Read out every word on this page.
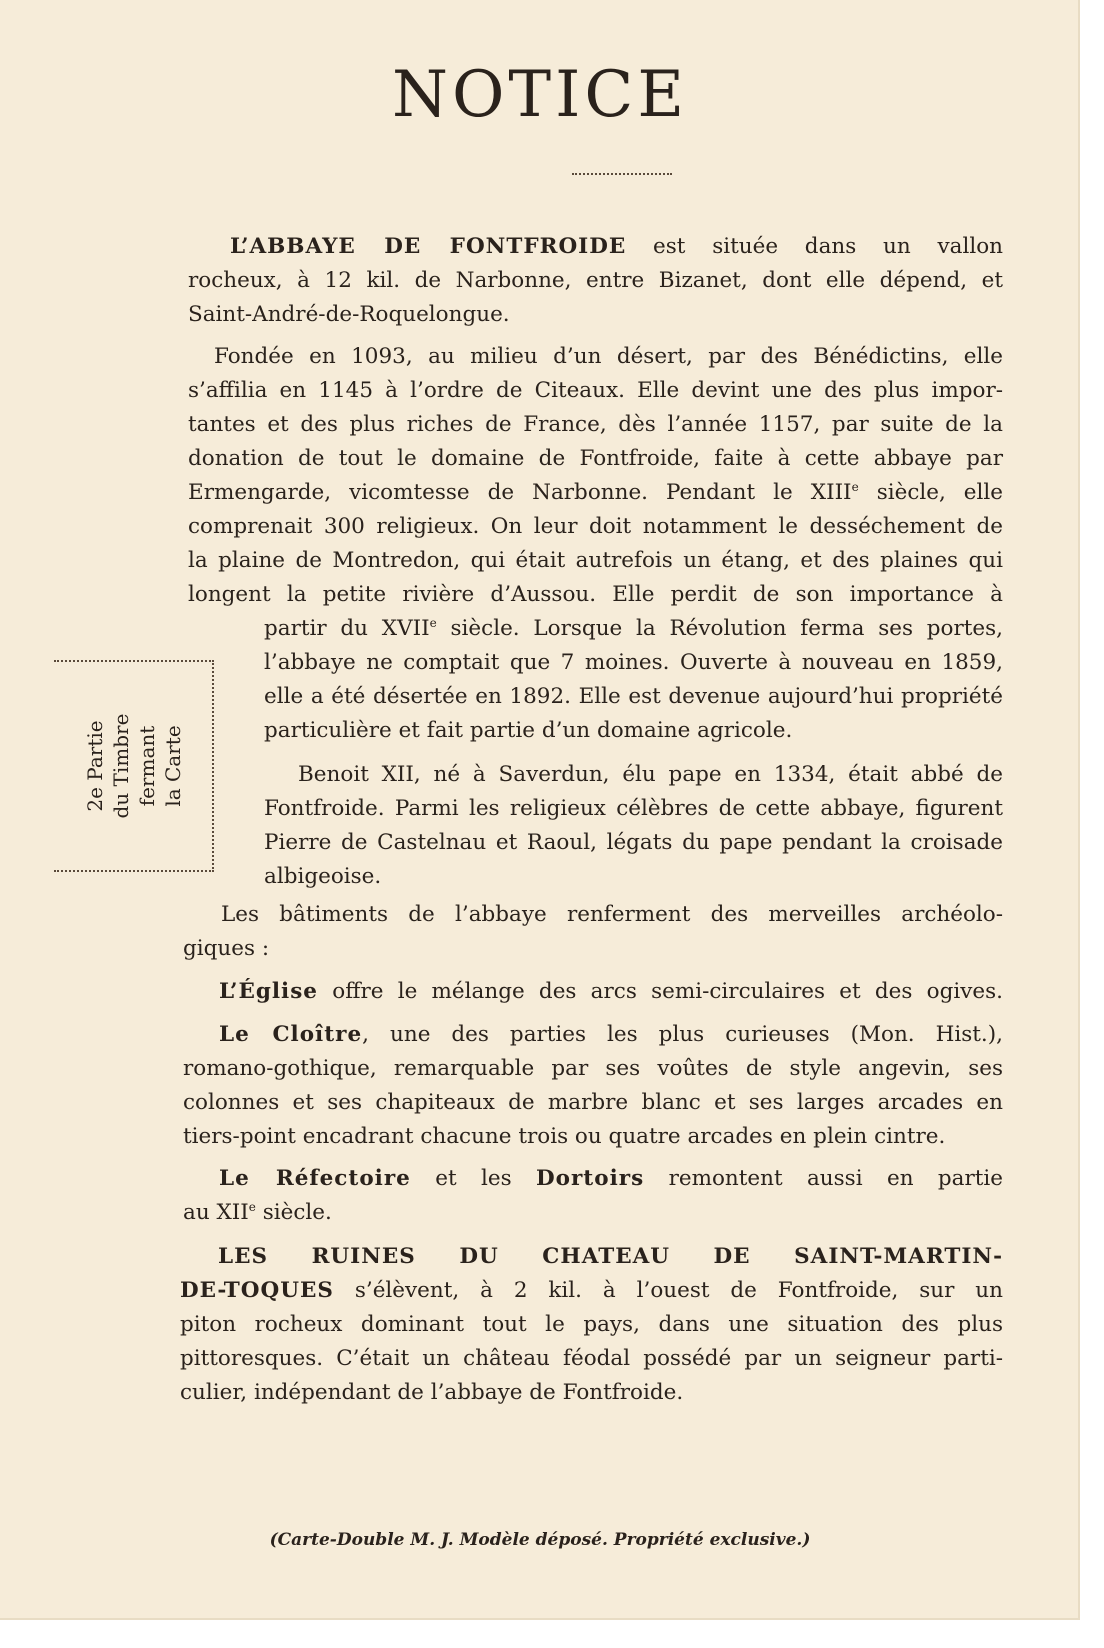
NOTICE
L’ABBAYE DE FONTFROIDE est située dans un vallon
rocheux, à 12 kil. de Narbonne, entre Bizanet, dont elle dépend, et
Saint-André-de-Roquelongue.
Fondée en 1093, au milieu d’un désert, par des Bénédictins, elle
s’affilia en 1145 à l’ordre de Citeaux. Elle devint une des plus impor-
tantes et des plus riches de France, dès l’année 1157, par suite de la
donation de tout le domaine de Fontfroide, faite à cette abbaye par
Ermengarde, vicomtesse de Narbonne. Pendant le XIIIe siècle, elle
comprenait 300 religieux. On leur doit notamment le desséchement de
la plaine de Montredon, qui était autrefois un étang, et des plaines qui
longent la petite rivière d’Aussou. Elle perdit de son importance à
partir du XVIIe siècle. Lorsque la Révolution ferma ses portes,
l’abbaye ne comptait que 7 moines. Ouverte à nouveau en 1859,
elle a été désertée en 1892. Elle est devenue aujourd’hui propriété
particulière et fait partie d’un domaine agricole.
Benoit XII, né à Saverdun, élu pape en 1334, était abbé de
Fontfroide. Parmi les religieux célèbres de cette abbaye, figurent
Pierre de Castelnau et Raoul, légats du pape pendant la croisade
albigeoise.
2e Partie du Timbre fermant la Carte
Les bâtiments de l’abbaye renferment des merveilles archéolo-
giques :
L’Église offre le mélange des arcs semi-circulaires et des ogives.
Le Cloître, une des parties les plus curieuses (Mon. Hist.),
romano-gothique, remarquable par ses voûtes de style angevin, ses
colonnes et ses chapiteaux de marbre blanc et ses larges arcades en
tiers-point encadrant chacune trois ou quatre arcades en plein cintre.
Le Réfectoire et les Dortoirs remontent aussi en partie
au XIIe siècle.
LES RUINES DU CHATEAU DE SAINT-MARTIN-
DE-TOQUES s’élèvent, à 2 kil. à l’ouest de Fontfroide, sur un
piton rocheux dominant tout le pays, dans une situation des plus
pittoresques. C’était un château féodal possédé par un seigneur parti-
culier, indépendant de l’abbaye de Fontfroide.
(Carte-Double M. J. Modèle déposé. Propriété exclusive.)
